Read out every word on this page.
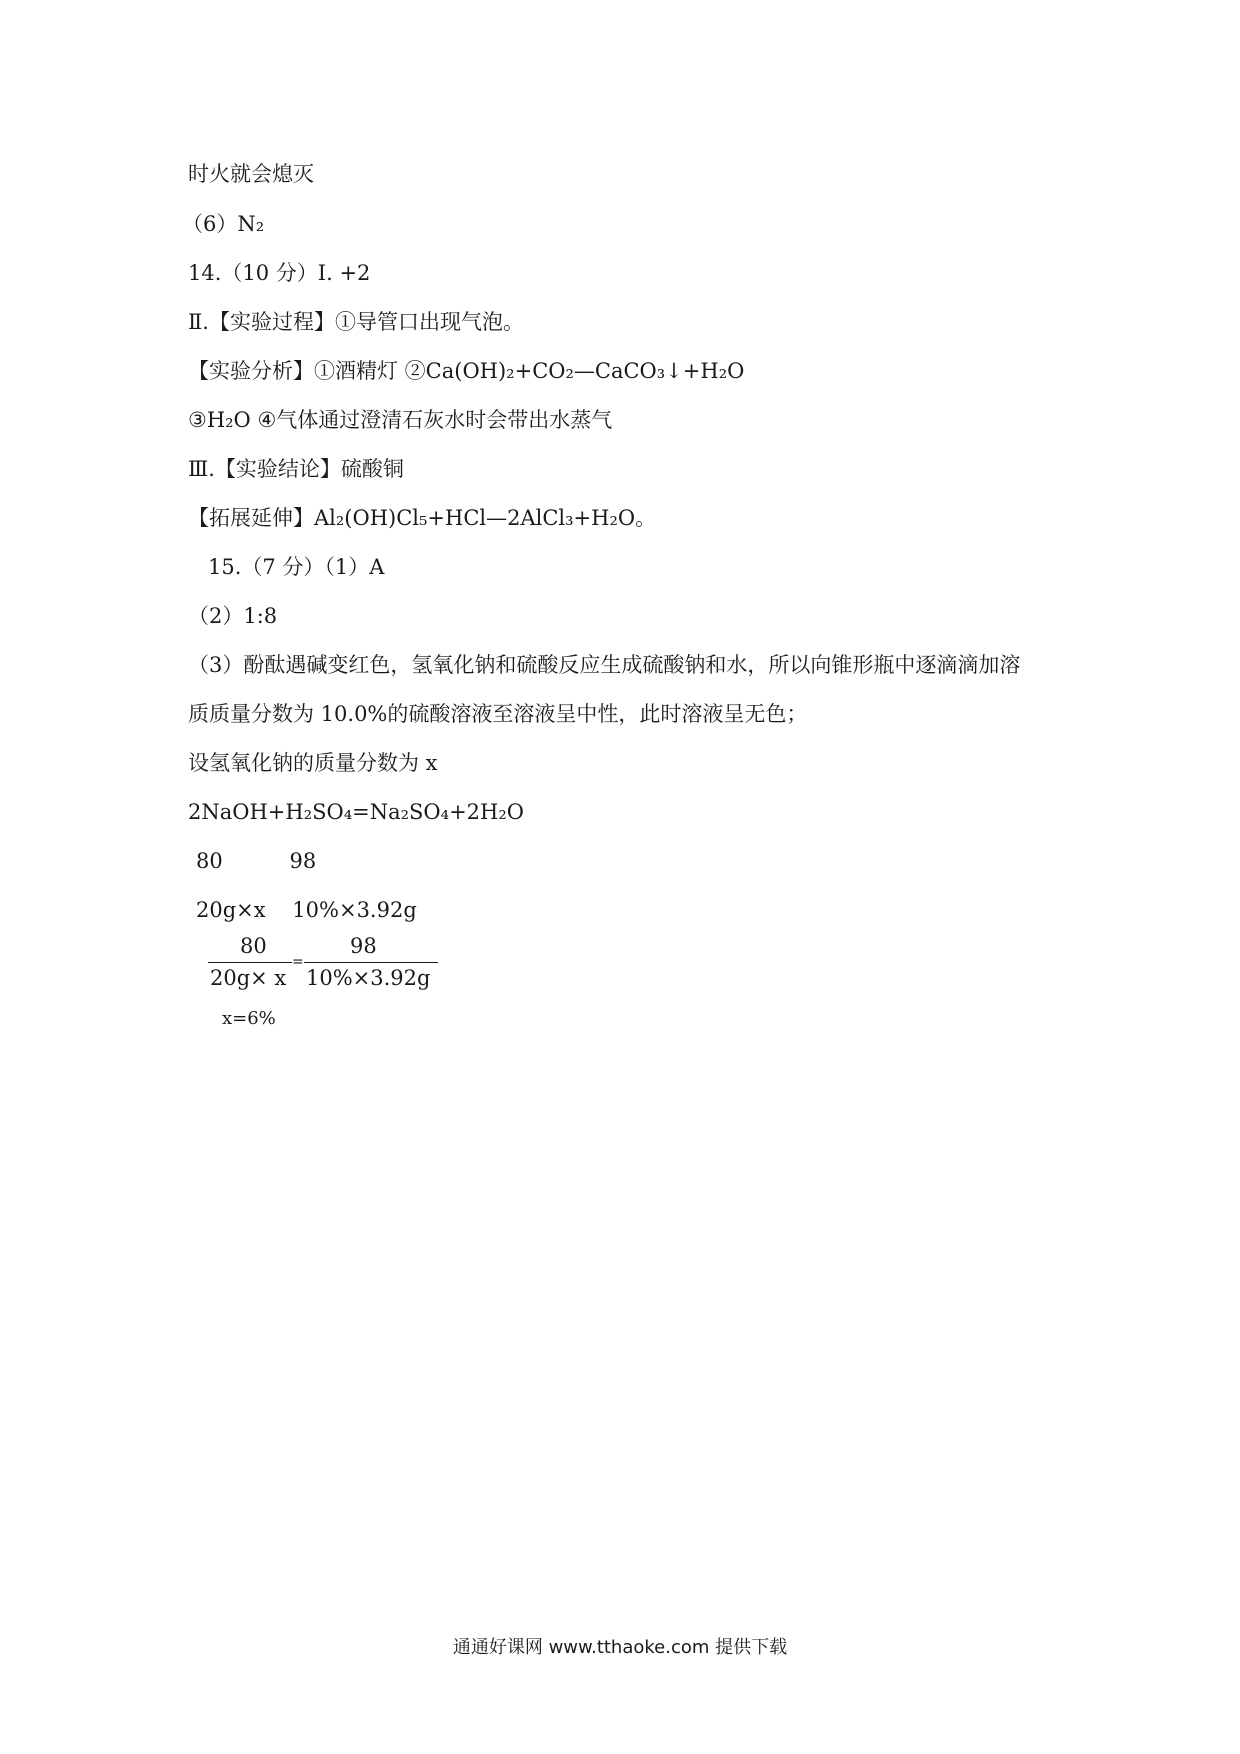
时火就会熄灭
（6）N₂
14.（10 分）I. +2
Ⅱ.【实验过程】①导管口出现气泡。
【实验分析】①酒精灯 ②Ca(OH)₂+CO₂—CaCO₃↓+H₂O
③H₂O ④气体通过澄清石灰水时会带出水蒸气
Ⅲ.【实验结论】硫酸铜
【拓展延伸】Al₂(OH)Cl₅+HCl—2AlCl₃+H₂O。
15.（7 分）（1）A
（2）1:8
（3）酚酞遇碱变红色，氢氧化钠和硫酸反应生成硫酸钠和水，所以向锥形瓶中逐滴滴加溶
质质量分数为 10.0%的硫酸溶液至溶液呈中性，此时溶液呈无色；
设氢氧化钠的质量分数为 x
2NaOH+H₂SO₄=Na₂SO₄+2H₂O
80          98
20g×x    10%×3.92g
80
20g× x
=
98
10%×3.92g
x=6%
通通好课网 www.tthaoke.com 提供下载
